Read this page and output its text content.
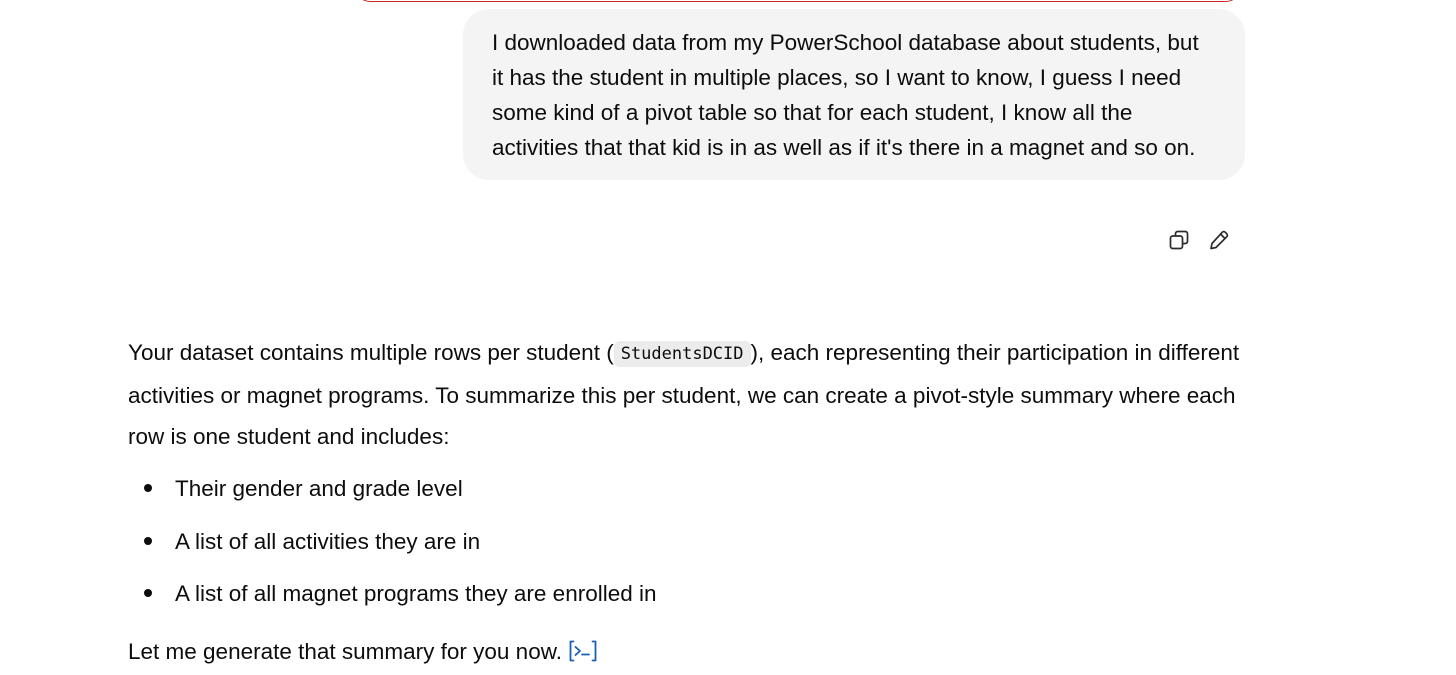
I downloaded data from my PowerSchool database about students, but it has the student in multiple places, so I want to know, I guess I need some kind of a pivot table so that for each student, I know all the activities that that kid is in as well as if it's there in a magnet and so on.

Your dataset contains multiple rows per student ( StudentsDCID ), each representing their participation in different activities or magnet programs. To summarize this per student, we can create a pivot-style summary where each row is one student and includes:

Their gender and grade level
A list of all activities they are in
A list of all magnet programs they are enrolled in

Let me generate that summary for you now.
